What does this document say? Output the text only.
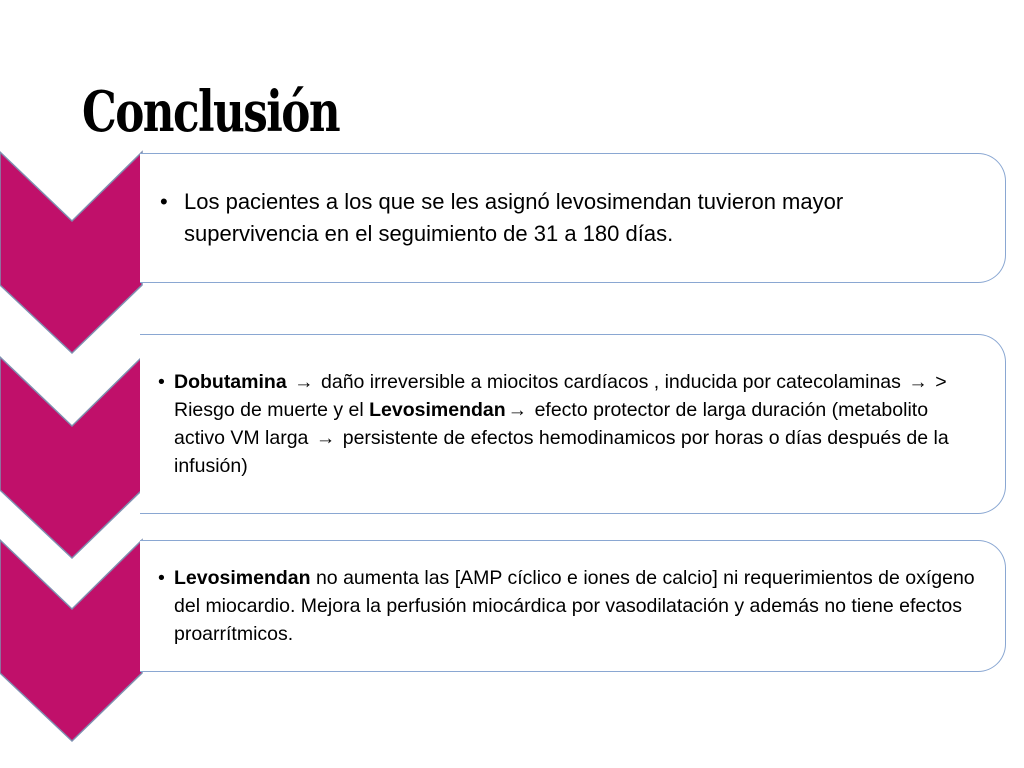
Conclusión
• Los pacientes a los que se les asignó levosimendan tuvieron mayor supervivencia en el seguimiento de 31 a 180 días.
• Dobutamina → daño irreversible a miocitos cardíacos , inducida por catecolaminas → > Riesgo de muerte y el Levosimendan → efecto protector de larga duración (metabolito activo VM larga → persistente de efectos hemodinamicos por horas o días después de la infusión)
• Levosimendan no aumenta las [AMP cíclico e iones de calcio] ni requerimientos de oxígeno del miocardio. Mejora la perfusión miocárdica por vasodilatación y además no tiene efectos proarrítmicos.
